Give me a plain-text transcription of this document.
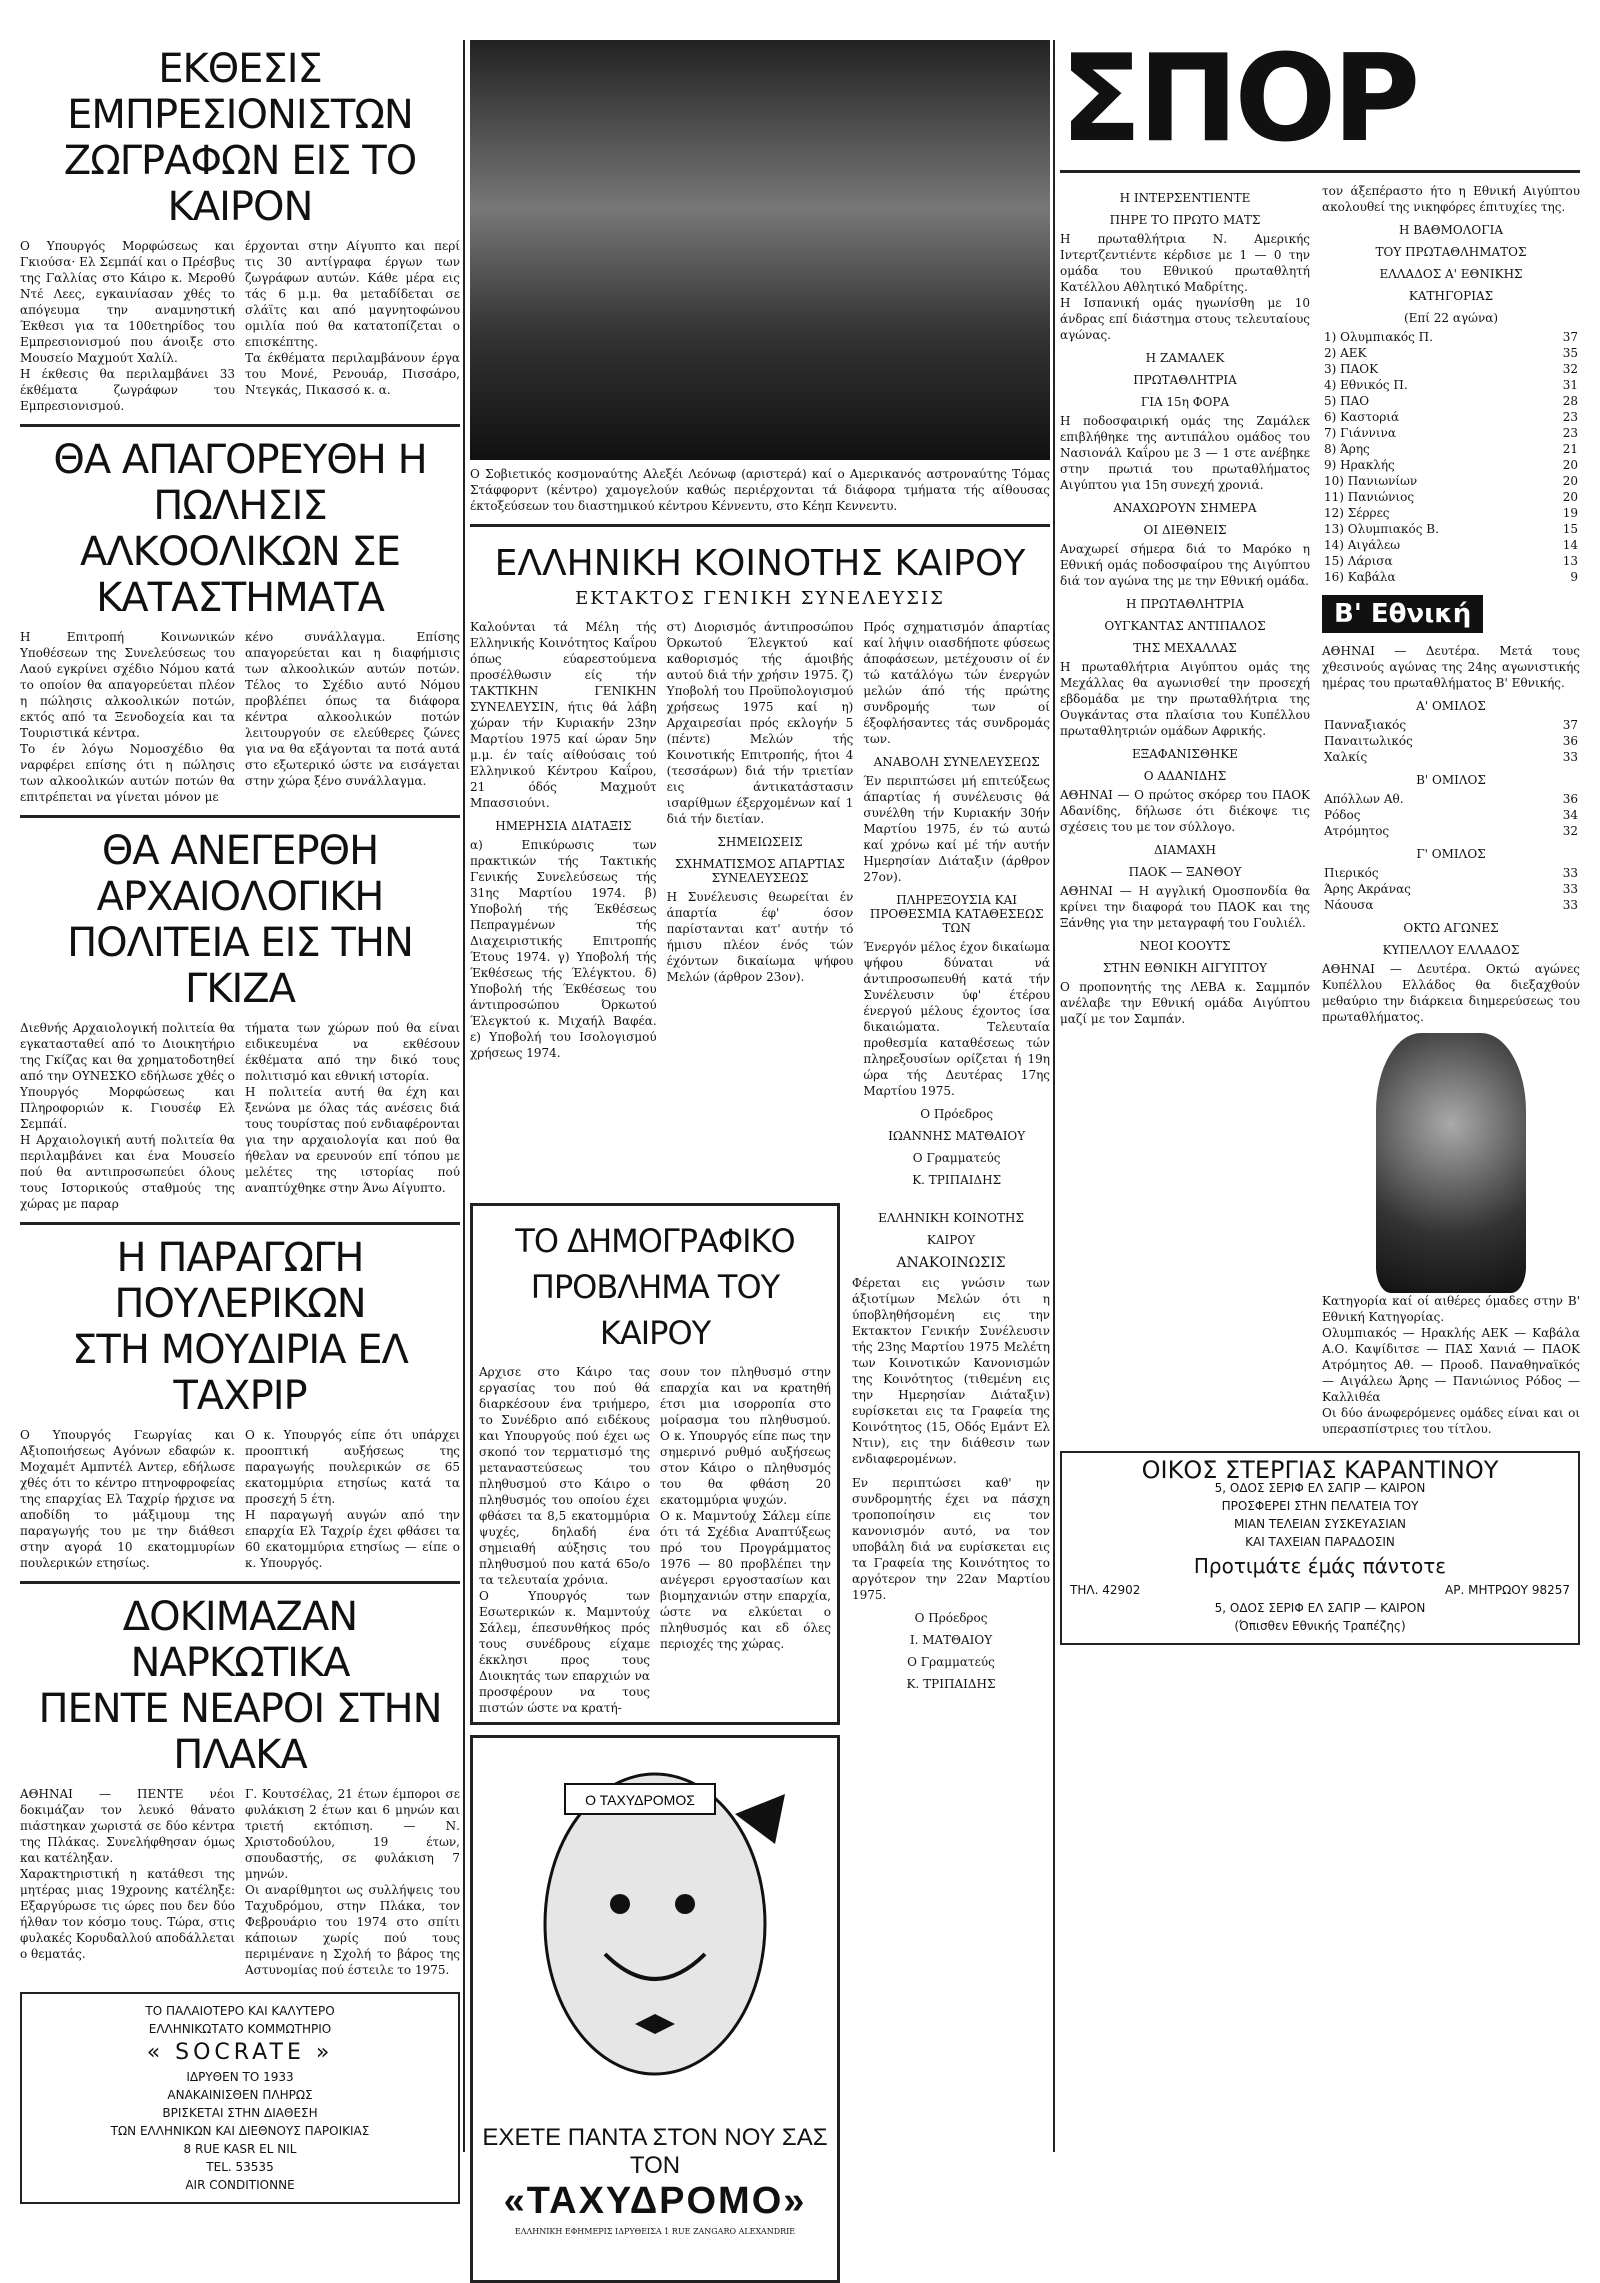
ΕΚΘΕΣΙΣ ΕΜΠΡΕΣΙΟΝΙΣΤΩΝ
ΖΩΓΡΑΦΩΝ ΕΙΣ ΤΟ ΚΑΙΡΟΝ

Ο Υπουργός Μορφώσεως και Γκιούσα· Ελ Σεμπάί και ο Πρέσβυς της Γαλλίας στο Κάιρο κ. Μεροθύ Ντέ Λεες, εγκαινίασαν χθές το απόγευμα την αναμνηστική Έκθεσι για τα 100ετηρίδος του Εμπρεσιονισμού που άνοιξε στο Μουσείο Μαχμούτ Χαλίλ.

Η έκθεσις θα περιλαμβάνει 33 έκθέματα ζωγράφων του Εμπρεσιονισμού.

έρχονται στην Αίγυπτο και περί τις 30 αντίγραφα έργων των ζωγράφων αυτών. Κάθε μέρα εις τάς 6 μ.μ. θα μεταδίδεται σε σλάϊτς και από μαγνητοφώνου ομιλία πού θα κατατοπίζεται ο επισκέπτης.

Τα έκθέματα περιλαμβάνουν έργα του Μονέ, Ρενουάρ, Πισσάρο, Ντεγκάς, Πικασσό κ. α.

ΘΑ ΑΠΑΓΟΡΕΥΘΗ Η ΠΩΛΗΣΙΣ
ΑΛΚΟΟΛΙΚΩΝ ΣΕ ΚΑΤΑΣΤΗΜΑΤΑ

Η Επιτροπή Κοινωνικών Υποθέσεων της Συνελεύσεως του Λαού εγκρίνει σχέδιο Νόμου κατά το οποίον θα απαγορεύεται πλέον η πώλησις αλκοολικών ποτών, εκτός από τα Ξενοδοχεία και τα Τουριστικά κέντρα.

Το έν λόγω Νομοσχέδιο θα ναρφέρει επίσης ότι η πώλησις των αλκοολικών αυτών ποτών θα επιτρέπεται να γίνεται μόνον με

κένο συνάλλαγμα. Επίσης απαγορεύεται και η διαφήμισις των αλκοολικών αυτών ποτών. Τέλος το Σχέδιο αυτό Νόμου προβλέπει όπως τα διάφορα κέντρα αλκοολικών ποτών λειτουργούν σε ελεύθερες ζώνες για να θα εξάγονται τα ποτά αυτά στο εξωτερικό ώστε να εισάγεται στην χώρα ξένο συνάλλαγμα.

ΘΑ ΑΝΕΓΕΡΘΗ ΑΡΧΑΙΟΛΟΓΙΚΗ
ΠΟΛΙΤΕΙΑ ΕΙΣ ΤΗΝ ΓΚΙΖΑ

Διεθνής Αρχαιολογική πολιτεία θα εγκατασταθεί από το Διοικητήριο της Γκίζας και θα χρηματοδοτηθεί από την ΟΥΝΕΣΚΟ εδήλωσε χθές ο Υπουργός Μορφώσεως και Πληροφοριών κ. Γιουσέφ Ελ Σεμπάί.

Η Αρχαιολογική αυτή πολιτεία θα περιλαμβάνει και ένα Μουσείο πού θα αντιπροσωπεύει όλους τους Ιστορικούς σταθμούς της χώρας με παραρ

τήματα των χώρων πού θα είναι ειδικευμένα να εκθέσουν έκθέματα από την δικό τους πολιτισμό και εθνική ιστορία.

Η πολιτεία αυτή θα έχη και ξενώνα με όλας τάς ανέσεις διά τους τουρίστας πού ενδιαφέρονται για την αρχαιολογία και πού θα ήθελαν να ερευνούν επί τόπου με μελέτες της ιστορίας πού αναπτύχθηκε στην Άνω Αίγυπτο.

Η ΠΑΡΑΓΩΓΗ ΠΟΥΛΕΡΙΚΩΝ
ΣΤΗ ΜΟΥΔΙΡΙΑ ΕΛ ΤΑΧΡΙΡ

Ο Υπουργός Γεωργίας και Αξιοποιήσεως Αγόνων εδαφών κ. Μοχαμέτ Αμπντέλ Αντερ, εδήλωσε χθές ότι το κέντρο πτηνοφροφείας της επαρχίας Ελ Ταχρίρ ήρχισε να αποδίδη το μάξιμουμ της παραγωγής του με την διάθεσι στην αγορά 10 εκατομμυρίων πουλερικών ετησίως.

Ο κ. Υπουργός είπε ότι υπάρχει προοπτική αυξήσεως της παραγωγής πουλερικών σε 65 εκατομμύρια ετησίως κατά τα προσεχή 5 έτη.

Η παραγωγή αυγών από την επαρχία Ελ Ταχρίρ έχει φθάσει τα 60 εκατομμύρια ετησίως — είπε ο κ. Υπουργός.

ΔΟΚΙΜΑΖΑΝ ΝΑΡΚΩΤΙΚΑ
ΠΕΝΤΕ ΝΕΑΡΟΙ ΣΤΗΝ ΠΛΑΚΑ

ΑΘΗΝΑΙ — ΠΕΝΤΕ νέοι δοκιμάζαν τον λευκό θάνατο πιάστηκαν χωριστά σε δύο κέντρα της Πλάκας. Συνελήφθησαν όμως και κατέληξαν.

Χαρακτηριστική η κατάθεσι της μητέρας μιας 19χρονης κατέληξε: Εξαργύρωσε τις ώρες που δεν δύο ήλθαν τον κόσμο τους. Τώρα, στις φυλακές Κορυδαλλού αποδάλλεται ο θεματάς.

Γ. Κουτσέλας, 21 έτων έμποροι σε φυλάκιση 2 έτων και 6 μηνών και τριετή εκτόπιση. — Ν. Χριστοδούλου, 19 έτων, σπουδαστής, σε φυλάκιση 7 μηνών.

Οι αναρίθμητοι ως συλλήψεις του Ταχυδρόμου, στην Πλάκα, τον Φεβρουάριο του 1974 στο σπίτι κάποιων χωρίς πού τους περιμένανε η Σχολή το βάρος της Αστυνομίας πού έστειλε το 1975.

ΤΟ ΠΑΛΑΙΟΤΕΡΟ ΚΑΙ ΚΑΛΥΤΕΡΟ
ΕΛΛΗΝΙΚΩΤΑΤΟ ΚΟΜΜΩΤΗΡΙΟ
« SOCRATE »
ΙΔΡΥΘΕΝ ΤΟ 1933
ΑΝΑΚΑΙΝΙΣΘΕΝ ΠΛΗΡΩΣ
ΒΡΙΣΚΕΤΑΙ ΣΤΗΝ ΔΙΑΘΕΣΗ
ΤΩΝ ΕΛΛΗΝΙΚΩΝ ΚΑΙ ΔΙΕΘΝΟΥΣ ΠΑΡΟΙΚΙΑΣ
8 RUE KASR EL NIL
TEL. 53535
AIR CONDITIONNE

Ο Σοβιετικός κοσμοναύτης Αλεξέι Λεόνωφ (αριστερά) καί ο Αμερικανός αστροναύτης Τόμας Στάφφορντ (κέντρο) χαμογελούν καθώς περιέρχονται τά διάφορα τμήματα τής αίθουσας έκτοξεύσεων του διαστημικού κέντρου Κέννεντυ, στο Κέηπ Κεννεντυ.

ΕΛΛΗΝΙΚΗ ΚΟΙΝΟΤΗΣ ΚΑΙΡΟΥ
ΕΚΤΑΚΤΟΣ ΓΕΝΙΚΗ ΣΥΝΕΛΕΥΣΙΣ

Καλούνται τά Μέλη τής Ελληνικής Κοινότητος Καΐρου όπως εύαρεστούμενα προσέλθωσιν είς τήν ΤΑΚΤΙΚΗΝ ΓΕΝΙΚΗΝ ΣΥΝΕΛΕΥΣΙΝ, ήτις θά λάβη χώραν τήν Κυριακήν 23ην Μαρτίου 1975 καί ώραν 5ην μ.μ. έν ταίς αίθούσαις τού Ελληνικού Κέντρου Καΐρου, 21 όδός Μαχμούτ Μπασσιούνι.

ΗΜΕΡΗΣΙΑ ΔΙΑΤΑΞΙΣ

α) Επικύρωσις των πρακτικών τής Τακτικής Γενικής Συνελεύσεως τής 31ης Μαρτίου 1974. β) Υποβολή τής Έκθέσεως Πεπραγμένων τής Διαχειριστικής Επιτροπής Έτους 1974. γ) Υποβολή τής Έκθέσεως τής Έλέγκτου. δ) Υποβολή τής Έκθέσεως του άντιπροσώπου Όρκωτού Έλεγκτού κ. Μιχαήλ Βαφέα. ε) Υποβολή του Ισολογισμού χρήσεως 1974.

στ) Διορισμός άντιπροσώπου Όρκωτού Έλεγκτού καί καθορισμός τής άμοιβής αυτού διά τήν χρήσιν 1975. ζ) Υποβολή του Προϋπολογισμού χρήσεως 1975 καί η) Αρχαιρεσίαι πρός εκλογήν 5 (πέντε) Μελών τής Κοινοτικής Επιτροπής, ήτοι 4 (τεσσάρων) διά τήν τριετίαν εις άντικατάστασιν ισαρίθμων έξερχομένων καί 1 διά τήν διετίαν.

ΣΗΜΕΙΩΣΕΙΣ
ΣΧΗΜΑΤΙΣΜΟΣ ΑΠΑΡΤΙΑΣ ΣΥΝΕΛΕΥΣΕΩΣ

Η Συνέλευσις θεωρείται έν άπαρτία έφ' όσον παρίστανται κατ' αυτήν τό ήμισυ πλέον ένός τών έχόντων δικαίωμα ψήφου Μελών (άρθρον 23ον).

Πρός σχηματισμόν άπαρτίας καί λήψιν οιασδήποτε φύσεως άποφάσεων, μετέχουσιν οί έν τώ κατάλόγω τών ένεργών μελών άπό τής πρώτης συνδρομής των οί έξοφλήσαντες τάς συνδρομάς των.

ΑΝΑΒΟΛΗ ΣΥΝΕΛΕΥΣΕΩΣ

Έν περιπτώσει μή επιτεύξεως άπαρτίας ή συνέλευσις θά συνέλθη τήν Κυριακήν 30ήν Μαρτίου 1975, έν τώ αυτώ καί χρόνω καί μέ τήν αυτήν Ημερησίαν Διάταξιν (άρθρον 27ον).

ΠΛΗΡΕΞΟΥΣΙΑ ΚΑΙ ΠΡΟΘΕΣΜΙΑ ΚΑΤΑΘΕΣΕΩΣ ΤΩΝ

Ένεργόν μέλος έχον δικαίωμα ψήφου δύναται νά άντιπροσωπευθή κατά τήν Συνέλευσιν ύφ' έτέρου ένεργού μέλους έχοντος ίσα δικαιώματα. Τελευταία προθεσμία καταθέσεως τών πληρεξουσίων ορίζεται ή 19η ώρα τής Δευτέρας 17ης Μαρτίου 1975.

Ο Πρόεδρος
ΙΩΑΝΝΗΣ ΜΑΤΘΑΙΟΥ
Ο Γραμματεύς
Κ. ΤΡΙΠΑΙΔΗΣ
ΤΟ ΔΗΜΟΓΡΑΦΙΚΟ
ΠΡΟΒΛΗΜΑ ΤΟΥ ΚΑΙΡΟΥ

Αρχισε στο Κάιρο τας εργασίας του πού θά διαρκέσουν ένα τριήμερο, το Συνέδριο από ειδέκους και Υπουργούς πού έχει ως σκοπό τον τερματισμό της μεταναστεύσεως του πληθυσμού στο Κάιρο ο πληθυσμός του οποίου έχει φθάσει τα 8,5 εκατομμύρια ψυχές, δηλαδή ένα σημειαθή αύξησις του πληθυσμού που κατά 65ο/ο τα τελευταία χρόνια.

Ο Υπουργός των Εσωτερικών κ. Μαμντούχ Σάλεμ, έπεσυνθήκος πρός τους συνέδρους είχαμε έκκλησι προς τους Διοικητάς των επαρχιών να προσφέρουν να τους πιστών ώστε να κρατή-

σουν τον πληθυσμό στην επαρχία και να κρατηθή έτσι μια ισορροπία στο μοίρασμα του πληθυσμού. Ο κ. Υπουργός είπε πως την σημερινό ρυθμό αυξήσεως στον Κάιρο ο πληθυσμός του θα φθάση 20 εκατομμύρια ψυχών.

Ο κ. Μαμντούχ Σάλεμ είπε ότι τά Σχέδια Αναπτύξεως πρό του Προγράμματος 1976 — 80 προβλέπει την ανέγερσι εργοστασίων και βιομηχανιών στην επαρχία, ώστε να ελκύεται ο πληθυσμός και εδ όλες περιοχές της χώρας.

Ο ΤΑΧΥΔΡΟΜΟΣ
ΕΧΕΤΕ ΠΑΝΤΑ ΣΤΟΝ ΝΟΥ ΣΑΣ
ΤΟΝ
«ΤΑΧΥΔΡΟΜΟ»
ΕΛΛΗΝΙΚΗ ΕΦΗΜΕΡΙΣ ΙΔΡΥΘΕΙΣΑ 1 RUE ZANGARO ALEXANDRIE
ΕΛΛΗΝΙΚΗ ΚΟΙΝΟΤΗΣ
ΚΑΙΡΟΥ
ΑΝΑΚΟΙΝΩΣΙΣ

Φέρεται εις γνώσιν των άξιοτίμων Μελών ότι η ύποβληθήσομένη εις την Εκτακτον Γενικήν Συνέλευσιν τής 23ης Μαρτίου 1975 Μελέτη των Κοινοτικών Κανονισμών της Κοινότητος (τιθεμένη εις την Ημερησίαν Διάταξιν) ευρίσκεται εις τα Γραφεία της Κοινότητος (15, Οδός Εμάντ Ελ Ντιν), εις την διάθεσιν των ενδιαφερομένων.

Εν περιπτώσει καθ' ην συνδρομητής έχει να πάσχη τροποποίησιν εις τον κανονισμόν αυτό, να τον υποβάλη διά να ευρίσκεται εις τα Γραφεία της Κοινότητος το αργότερον την 22αν Μαρτίου 1975.

Ο Πρόεδρος
Ι. ΜΑΤΘΑΙΟΥ
Ο Γραμματεύς
Κ. ΤΡΙΠΑΙΔΗΣ
ΣΠΟΡ
Η ΙΝΤΕΡΣΕΝΤΙΕΝΤΕ
ΠΗΡΕ ΤΟ ΠΡΩΤΟ ΜΑΤΣ

Η πρωταθλήτρια Ν. Αμερικής Ιντερτζεντιέντε κέρδισε με 1 — 0 την ομάδα του Εθνικού πρωταθλητή Κατέλλου Αθλητικό Μαδρίτης.

Η Ισπανική ομάς ηγωνίσθη με 10 άνδρας επί διάστημα στους τελευταίους αγώνας.

Η ΖΑΜΑΛΕΚ
ΠΡΩΤΑΘΛΗΤΡΙΑ
ΓΙΑ 15η ΦΟΡΑ

Η ποδοσφαιρική ομάς της Ζαμάλεκ επιβλήθηκε της αντιπάλου ομάδος του Νασιονάλ Καΐρου με 3 — 1 στε ανέβηκε στην πρωτιά του πρωταθλήματος Αιγύπτου για 15η συνεχή χρονιά.

ΑΝΑΧΩΡΟΥΝ ΣΗΜΕΡΑ
ΟΙ ΔΙΕΘΝΕΙΣ

Αναχωρεί σήμερα διά το Μαρόκο η Εθνική ομάς ποδοσφαίρου της Αιγύπτου διά τον αγώνα της με την Εθνική ομάδα.

Η ΠΡΩΤΑΘΛΗΤΡΙΑ
ΟΥΓΚΑΝΤΑΣ ΑΝΤΙΠΑΛΟΣ
ΤΗΣ ΜΕΧΑΛΛΑΣ

Η πρωταθλήτρια Αιγύπτου ομάς της Μεχάλλας θα αγωνισθεί την προσεχή εβδομάδα με την πρωταθλήτρια της Ουγκάντας στα πλαίσια του Κυπέλλου πρωταθλητριών ομάδων Αφρικής.

ΕΞΑΦΑΝΙΣΘΗΚΕ
Ο ΑΔΑΝΙΔΗΣ

ΑΘΗΝΑΙ — Ο πρώτος σκόρερ του ΠΑΟΚ Αδανίδης, δήλωσε ότι διέκοψε τις σχέσεις του με τον σύλλογο.

ΔΙΑΜΑΧΗ
ΠΑΟΚ — ΞΑΝΘΟΥ

ΑΘΗΝΑΙ — Η αγγλική Ομοσπονδία θα κρίνει την διαφορά του ΠΑΟΚ και της Ξάνθης για την μεταγραφή του Γουλιέλ.

ΝΕΟΙ ΚΟΟΥΤΣ
ΣΤΗΝ ΕΘΝΙΚΗ ΑΙΓΥΠΤΟΥ

Ο προπονητής της ΛΕΒΑ κ. Σαμμπόν ανέλαβε την Εθνική ομάδα Αιγύπτου μαζί με τον Σαμπάν.

τον άξεπέραστο ήτο η Εθνική Αιγύπτου ακολουθεί της νικηφόρες έπιτυχίες της.

Η ΒΑΘΜΟΛΟΓΙΑ
ΤΟΥ ΠΡΩΤΑΘΛΗΜΑΤΟΣ
ΕΛΛΑΔΟΣ Α' ΕΘΝΙΚΗΣ
ΚΑΤΗΓΟΡΙΑΣ
(Επί 22 αγώνα)
1) Ολυμπιακός Π.	37
2) ΑΕΚ	35
3) ΠΑΟΚ	32
4) Εθνικός Π.	31
5) ΠΑΟ	28
6) Καστοριά	23
7) Γιάννινα	23
8) Άρης	21
9) Ηρακλής	20
10) Πανιωνίων	20
11) Πανιώνιος	20
12) Σέρρες	19
13) Ολυμπιακός Β.	15
14) Αιγάλεω	14
15) Λάρισα	13
16) Καβάλα	9
Β' Εθνική

ΑΘΗΝΑΙ — Δευτέρα. Μετά τους χθεσινούς αγώνας της 24ης αγωνιστικής ημέρας του πρωταθλήματος Β' Εθνικής.

Α' ΟΜΙΛΟΣ
Πανναξιακός	37
Παναιτωλικός	36
Χαλκίς	33
Β' ΟΜΙΛΟΣ
Απόλλων Αθ.	36
Ρόδος	34
Ατρόμητος	32
Γ' ΟΜΙΛΟΣ
Πιερικός	33
Άρης Ακράνας	33
Νάουσα	33
ΟΚΤΩ ΑΓΩΝΕΣ
ΚΥΠΕΛΛΟΥ ΕΛΛΑΔΟΣ

ΑΘΗΝΑΙ — Δευτέρα. Οκτώ αγώνες Κυπέλλου Ελλάδος θα διεξαχθούν μεθαύριο την διάρκεια διημερεύσεως του πρωταθλήματος.

Κατηγορία καί οί αιθέρες όμαδες στην Β' Εθνική Κατηγορίας.

Ολυμπιακός — Ηρακλής ΑΕΚ — Καβάλα Α.Ο. Καψίδιτσε — ΠΑΣ Χανιά — ΠΑΟΚ Ατρόμητος Αθ. — Προοδ. Παναθηναϊκός — Αιγάλεω Άρης — Πανιώνιος Ρόδος — Καλλιθέα

Οι δύο άνωφερόμενες ομάδες είναι και οι υπερασπίστριες του τίτλου.

ΟΙΚΟΣ ΣΤΕΡΓΙΑΣ ΚΑΡΑΝΤΙΝΟΥ
5, ΟΔΟΣ ΣΕΡΙΦ ΕΛ ΣΑΓΙΡ — ΚΑΙΡΟΝ
ΠΡΟΣΦΕΡΕΙ ΣΤΗΝ ΠΕΛΑΤΕΙΑ ΤΟΥ
ΜΙΑΝ ΤΕΛΕΙΑΝ ΣΥΣΚΕΥΑΣΙΑΝ
ΚΑΙ ΤΑΧΕΙΑΝ ΠΑΡΑΔΟΣΙΝ
Προτιμάτε έμάς πάντοτε
ΤΗΛ. 42902	ΑΡ. ΜΗΤΡΩΟΥ 98257
5, ΟΔΟΣ ΣΕΡΙΦ ΕΛ ΣΑΓΙΡ — ΚΑΙΡΟΝ
(Όπισθεν Εθνικής Τραπέζης)
